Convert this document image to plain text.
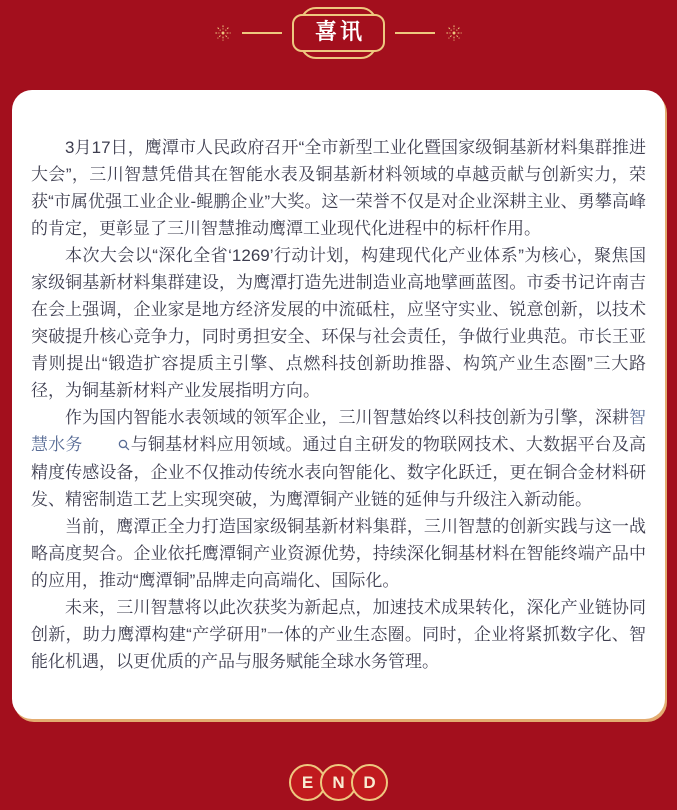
喜讯

3月17日，鹰潭市人民政府召开“全市新型工业化暨国家级铜基新材料集群推进大会”，三川智慧凭借其在智能水表及铜基新材料领域的卓越贡献与创新实力，荣获“市属优强工业企业-鲲鹏企业”大奖。这一荣誉不仅是对企业深耕主业、勇攀高峰的肯定，更彰显了三川智慧推动鹰潭工业现代化进程中的标杆作用。

本次大会以“深化全省‘1269’行动计划，构建现代化产业体系”为核心，聚焦国家级铜基新材料集群建设，为鹰潭打造先进制造业高地擘画蓝图。市委书记许南吉在会上强调，企业家是地方经济发展的中流砥柱，应坚守实业、锐意创新，以技术突破提升核心竞争力，同时勇担安全、环保与社会责任，争做行业典范。市长王亚青则提出“锻造扩容提质主引擎、点燃科技创新助推器、构筑产业生态圈”三大路径，为铜基新材料产业发展指明方向。

作为国内智能水表领域的领军企业，三川智慧始终以科技创新为引擎，深耕智慧水务	与铜基材料应用领域。通过自主研发的物联网技术、大数据平台及高精度传感设备，企业不仅推动传统水表向智能化、数字化跃迁，更在铜合金材料研发、精密制造工艺上实现突破，为鹰潭铜产业链的延伸与升级注入新动能。

当前，鹰潭正全力打造国家级铜基新材料集群，三川智慧的创新实践与这一战略高度契合。企业依托鹰潭铜产业资源优势，持续深化铜基材料在智能终端产品中的应用，推动“鹰潭铜”品牌走向高端化、国际化。

未来，三川智慧将以此次获奖为新起点，加速技术成果转化，深化产业链协同创新，助力鹰潭构建“产学研用”一体的产业生态圈。同时，企业将紧抓数字化、智能化机遇，以更优质的产品与服务赋能全球水务管理。

E	N	D
